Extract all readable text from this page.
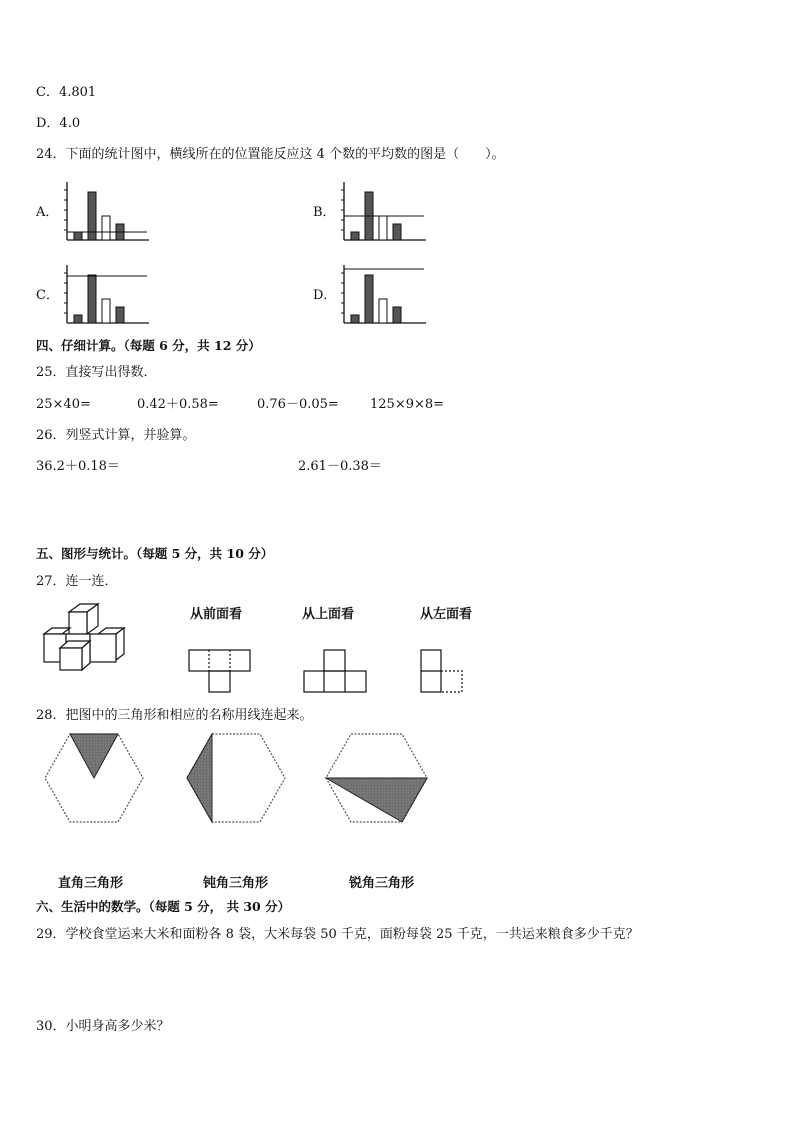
C．4.801
D．4.0
24．下面的统计图中，横线所在的位置能反应这 4 个数的平均数的图是（　　）。
A．	B．
C．	D．
四、仔细计算。（每题 6 分，共 12 分）
25．直接写出得数．
25×40=	0.42＋0.58=	0.76－0.05= 125×9×8=
26．列竖式计算，并验算。
36.2＋0.18＝	2.61－0.38＝
五、图形与统计。（每题 5 分，共 10 分）
27．连一连．
从前面看	从上面看	从左面看
28．把图中的三角形和相应的名称用线连起来。
直角三角形	钝角三角形	锐角三角形
六、生活中的数学。（每题 5 分， 共 30 分）
29．学校食堂运来大米和面粉各 8 袋，大米每袋 50 千克，面粉每袋 25 千克，一共运来粮食多少千克？
30．小明身高多少米？
